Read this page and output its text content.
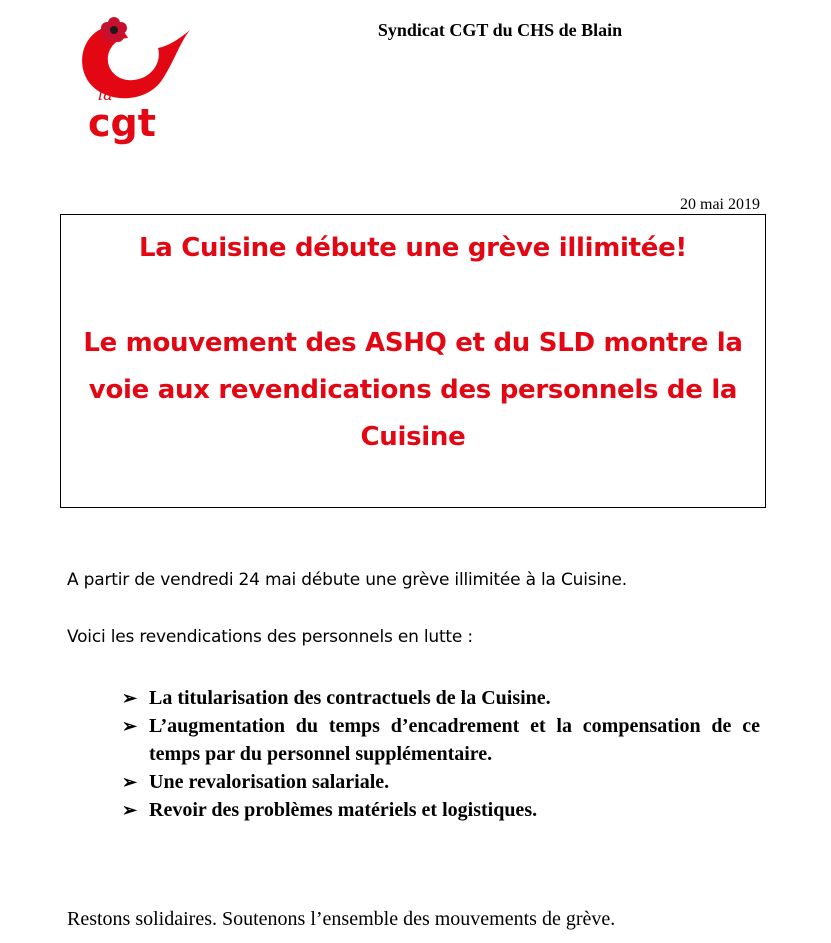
la
cgt
Syndicat CGT du CHS de Blain
20 mai 2019

La Cuisine débute une grève illimitée!

Le mouvement des ASHQ et du SLD montre la voie aux revendications des personnels de la Cuisine

A partir de vendredi 24 mai débute une grève illimitée à la Cuisine.

Voici les revendications des personnels en lutte :

➢ La titularisation des contractuels de la Cuisine.
➢ L’augmentation du temps d’encadrement et la compensation de ce temps par du personnel supplémentaire.
➢ Une revalorisation salariale.
➢ Revoir des problèmes matériels et logistiques.

Restons solidaires. Soutenons l’ensemble des mouvements de grève.
